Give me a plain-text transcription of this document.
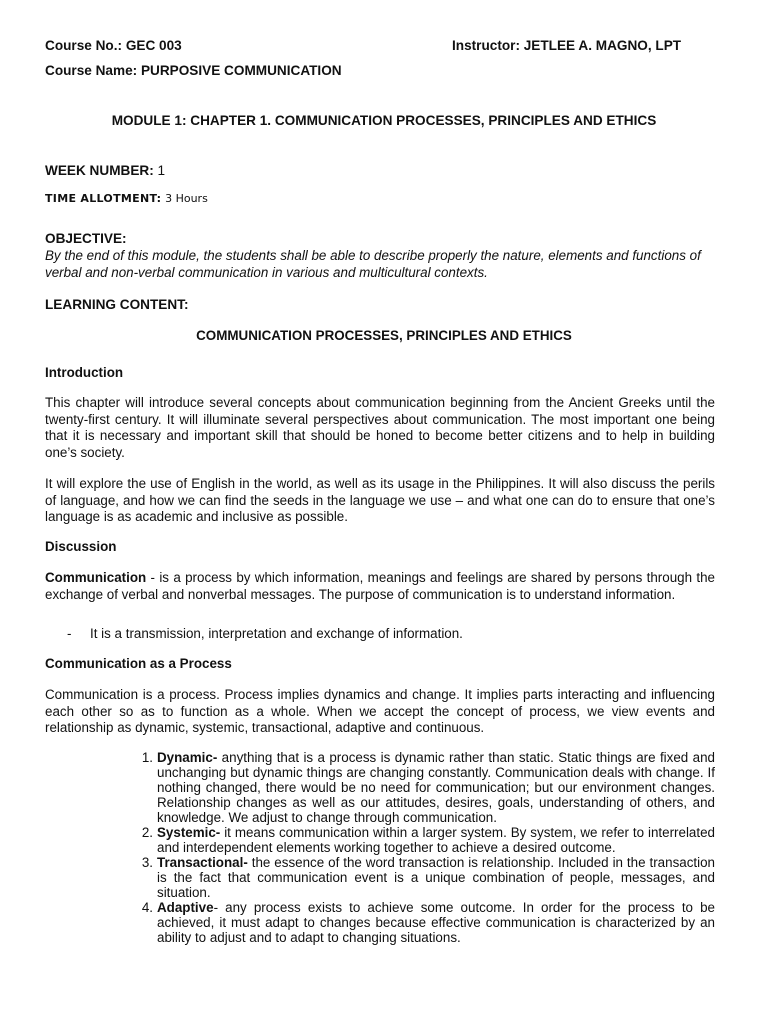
Course No.: GEC 003	Instructor: JETLEE A. MAGNO, LPT
Course Name: PURPOSIVE COMMUNICATION
MODULE 1: CHAPTER 1. COMMUNICATION PROCESSES, PRINCIPLES AND ETHICS
WEEK NUMBER: 1
TIME ALLOTMENT: 3 Hours
OBJECTIVE:

By the end of this module, the students shall be able to describe properly the nature, elements and functions of verbal and non-verbal communication in various and multicultural contexts.

LEARNING CONTENT:
COMMUNICATION PROCESSES, PRINCIPLES AND ETHICS
Introduction

This chapter will introduce several concepts about communication beginning from the Ancient Greeks until the twenty-first century. It will illuminate several perspectives about communication. The most important one being that it is necessary and important skill that should be honed to become better citizens and to help in building one’s society.

It will explore the use of English in the world, as well as its usage in the Philippines. It will also discuss the perils of language, and how we can find the seeds in the language we use – and what one can do to ensure that one’s language is as academic and inclusive as possible.

Discussion

Communication - is a process by which information, meanings and feelings are shared by persons through the exchange of verbal and nonverbal messages. The purpose of communication is to understand information.

- It is a transmission, interpretation and exchange of information.
Communication as a Process

Communication is a process. Process implies dynamics and change. It implies parts interacting and influencing each other so as to function as a whole. When we accept the concept of process, we view events and relationship as dynamic, systemic, transactional, adaptive and continuous.

1. Dynamic- anything that is a process is dynamic rather than static. Static things are fixed and unchanging but dynamic things are changing constantly. Communication deals with change. If nothing changed, there would be no need for communication; but our environment changes. Relationship changes as well as our attitudes, desires, goals, understanding of others, and knowledge. We adjust to change through communication.

2. Systemic- it means communication within a larger system. By system, we refer to interrelated and interdependent elements working together to achieve a desired outcome.

3. Transactional- the essence of the word transaction is relationship. Included in the transaction is the fact that communication event is a unique combination of people, messages, and situation.

4. Adaptive- any process exists to achieve some outcome. In order for the process to be achieved, it must adapt to changes because effective communication is characterized by an ability to adjust and to adapt to changing situations.
